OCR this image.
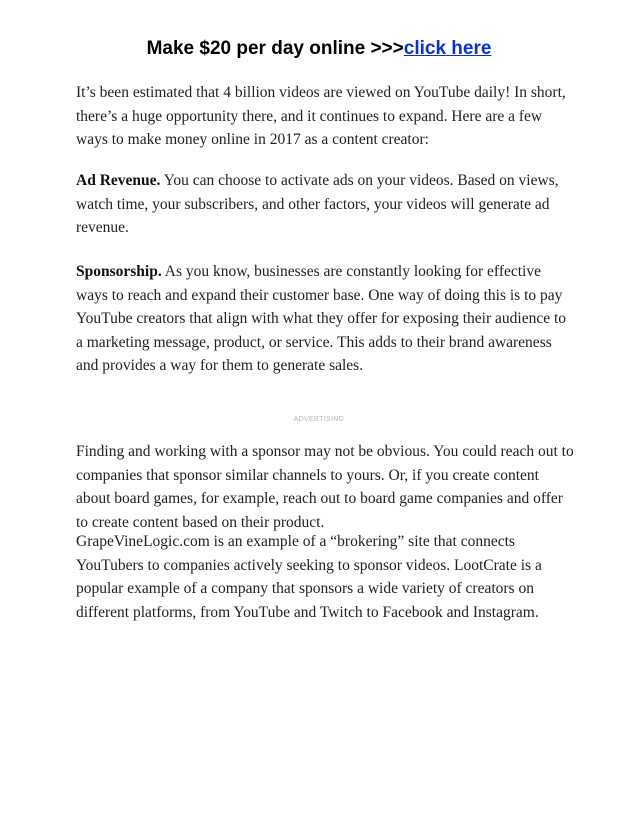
Make $20 per day online >>>click here

It’s been estimated that 4 billion videos are viewed on YouTube daily! In short, there’s a huge opportunity there, and it continues to expand. Here are a few ways to make money online in 2017 as a content creator:

Ad Revenue. You can choose to activate ads on your videos. Based on views, watch time, your subscribers, and other factors, your videos will generate ad revenue.

Sponsorship. As you know, businesses are constantly looking for effective ways to reach and expand their customer base. One way of doing this is to pay YouTube creators that align with what they offer for exposing their audience to a marketing message, product, or service. This adds to their brand awareness and provides a way for them to generate sales.

ADVERTISING

Finding and working with a sponsor may not be obvious. You could reach out to companies that sponsor similar channels to yours. Or, if you create content about board games, for example, reach out to board game companies and offer to create content based on their product.

GrapeVineLogic.com is an example of a “brokering” site that connects YouTubers to companies actively seeking to sponsor videos. LootCrate is a popular example of a company that sponsors a wide variety of creators on different platforms, from YouTube and Twitch to Facebook and Instagram.
